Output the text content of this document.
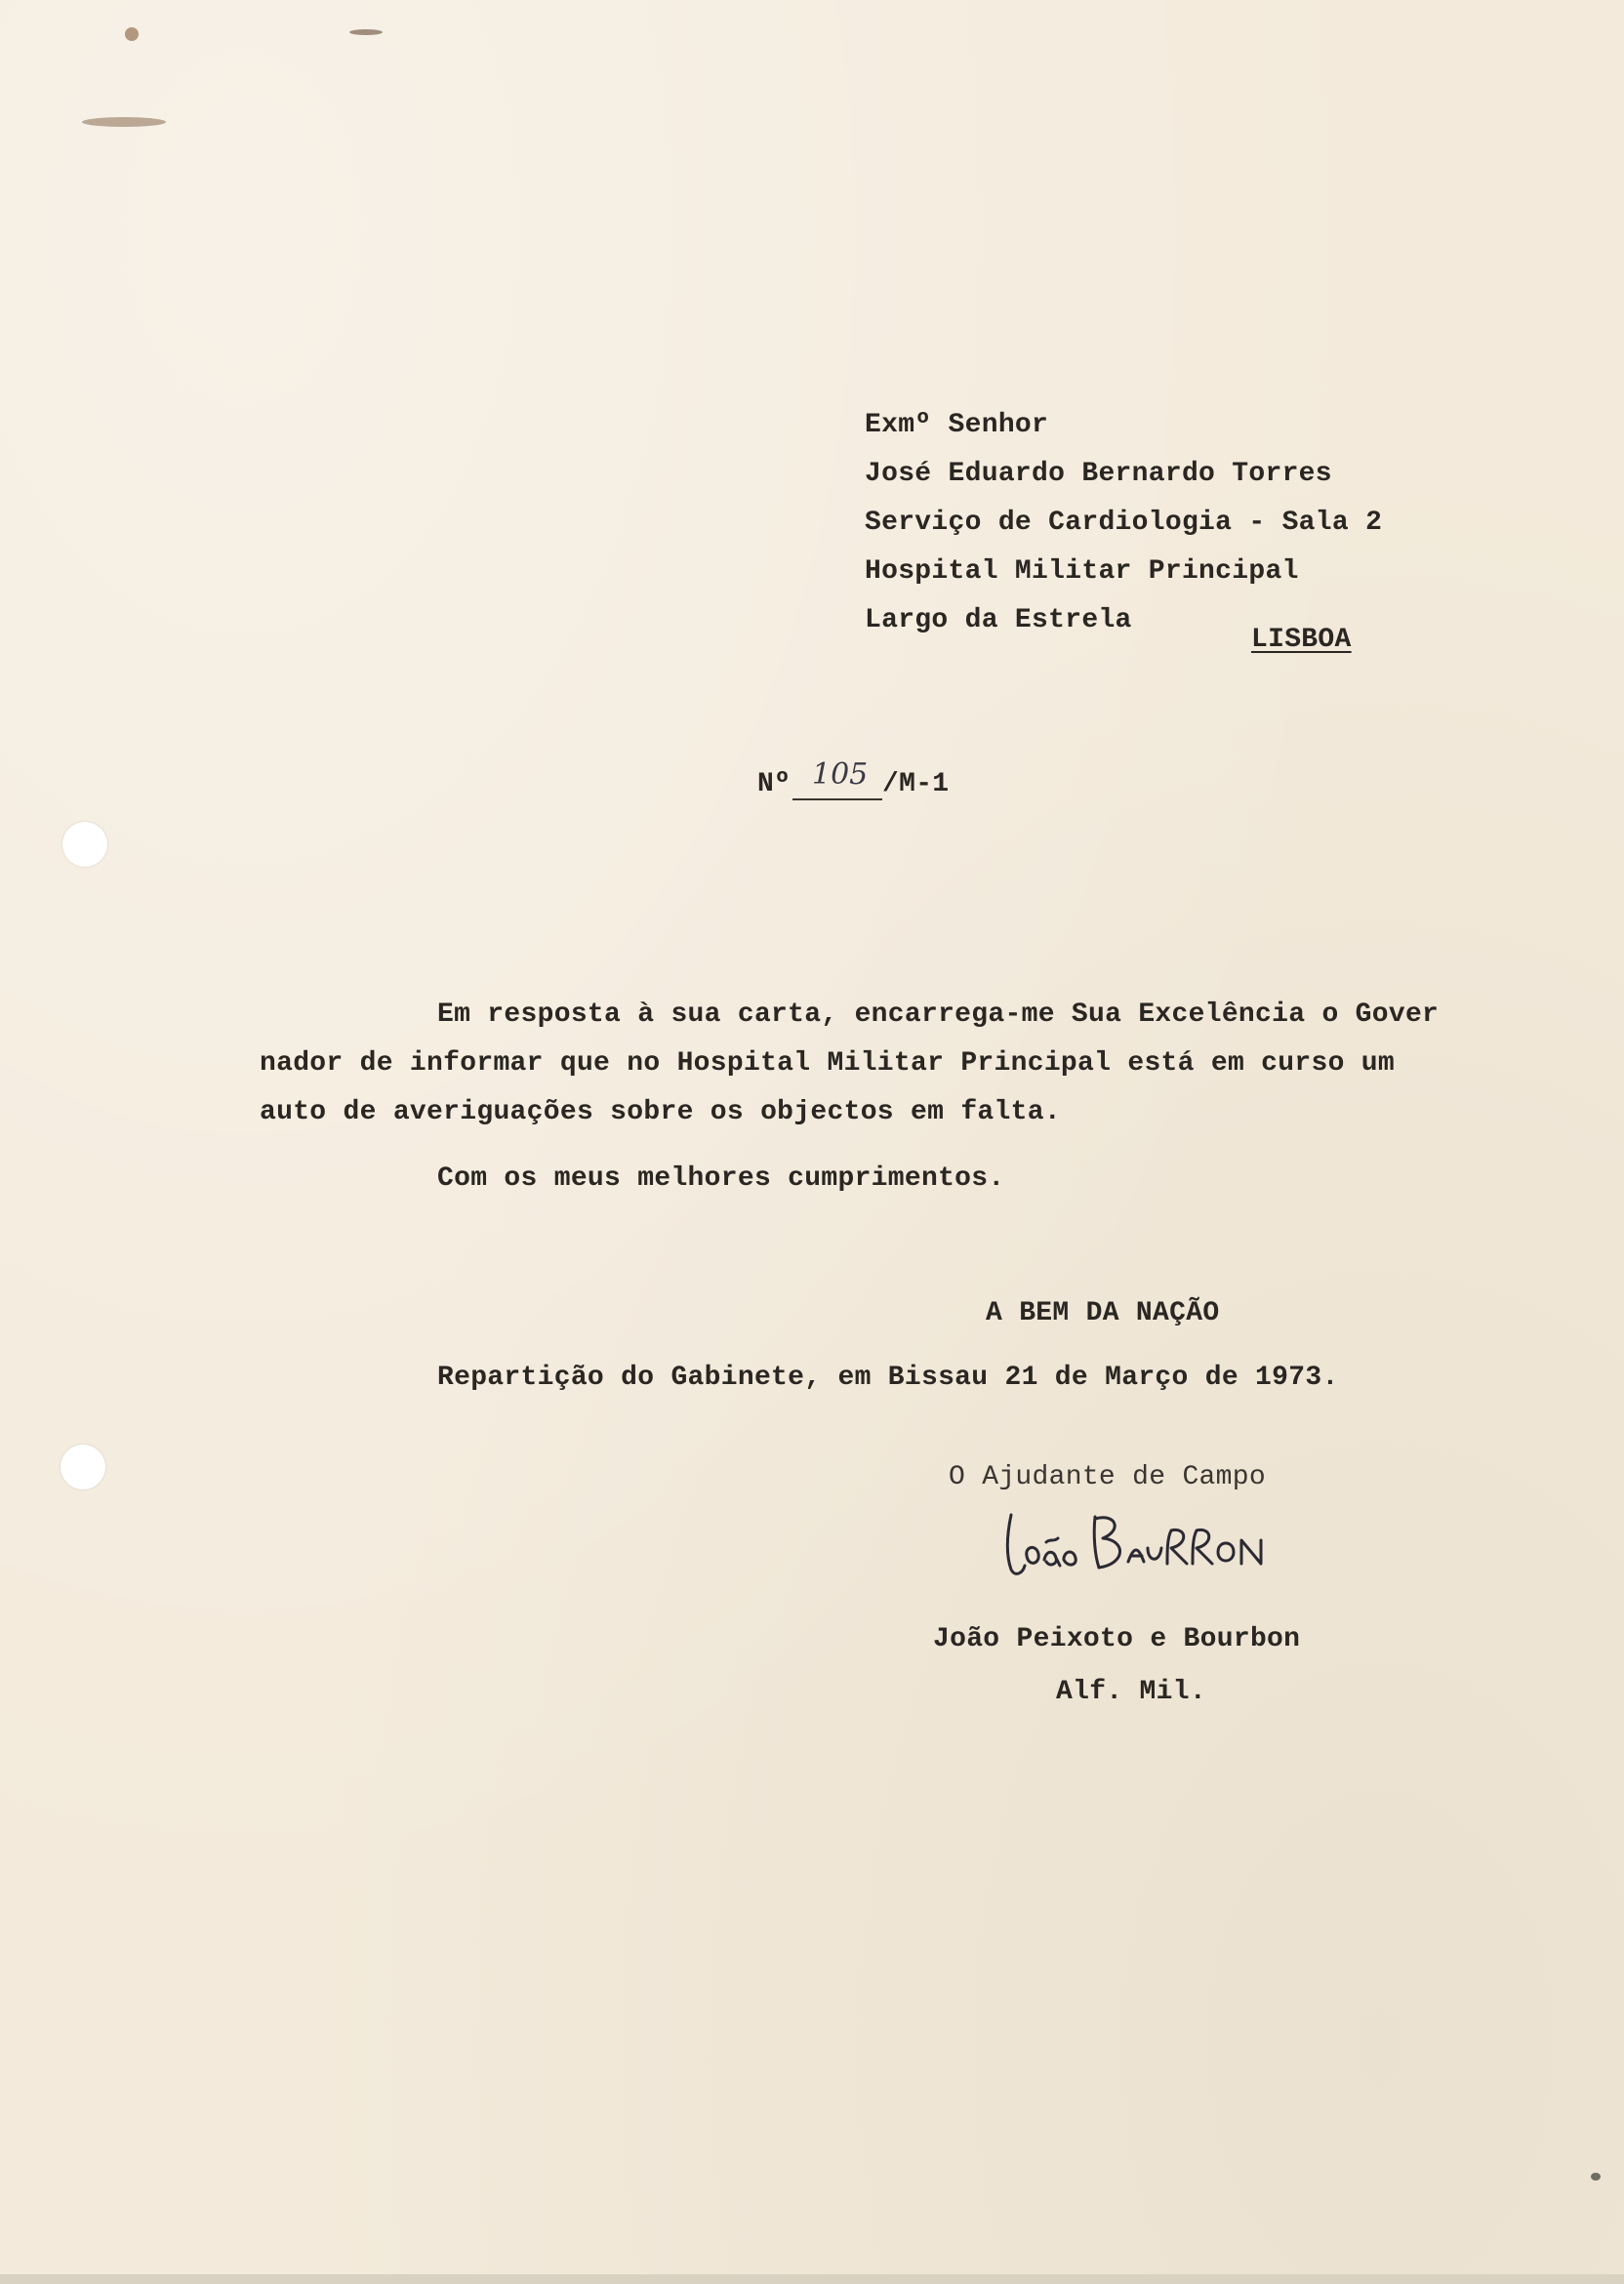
Exmº Senhor
José Eduardo Bernardo Torres
Serviço de Cardiologia - Sala 2
Hospital Militar Principal
Largo da Estrela
LISBOA
Nº 105 /M-1
Em resposta à sua carta, encarrega-me Sua Excelência o Gover
nador de informar que no Hospital Militar Principal está em curso um
auto de averiguações sobre os objectos em falta.
Com os meus melhores cumprimentos.
A BEM DA NAÇÃO
Repartição do Gabinete, em Bissau 21 de Março de 1973.
O Ajudante de Campo
João Peixoto e Bourbon
Alf. Mil.
